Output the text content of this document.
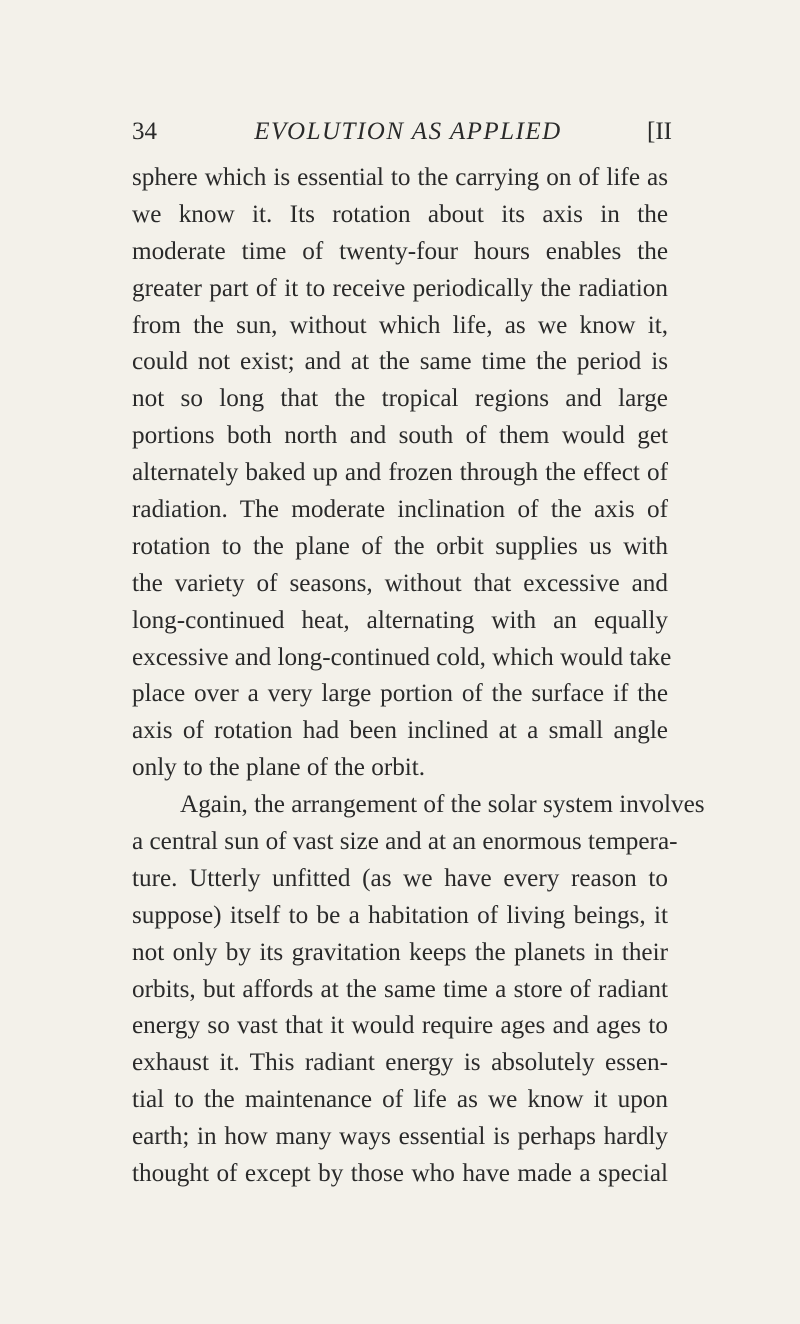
34	EVOLUTION AS APPLIED	[II
sphere which is essential to the carrying on of life as
we know it. Its rotation about its axis in the
moderate time of twenty-four hours enables the
greater part of it to receive periodically the radiation
from the sun, without which life, as we know it,
could not exist; and at the same time the period is
not so long that the tropical regions and large
portions both north and south of them would get
alternately baked up and frozen through the effect of
radiation. The moderate inclination of the axis of
rotation to the plane of the orbit supplies us with
the variety of seasons, without that excessive and
long-continued heat, alternating with an equally
excessive and long-continued cold, which would take
place over a very large portion of the surface if the
axis of rotation had been inclined at a small angle
only to the plane of the orbit.
Again, the arrangement of the solar system involves
a central sun of vast size and at an enormous tempera-
ture. Utterly unfitted (as we have every reason to
suppose) itself to be a habitation of living beings, it
not only by its gravitation keeps the planets in their
orbits, but affords at the same time a store of radiant
energy so vast that it would require ages and ages to
exhaust it. This radiant energy is absolutely essen-
tial to the maintenance of life as we know it upon
earth; in how many ways essential is perhaps hardly
thought of except by those who have made a special
